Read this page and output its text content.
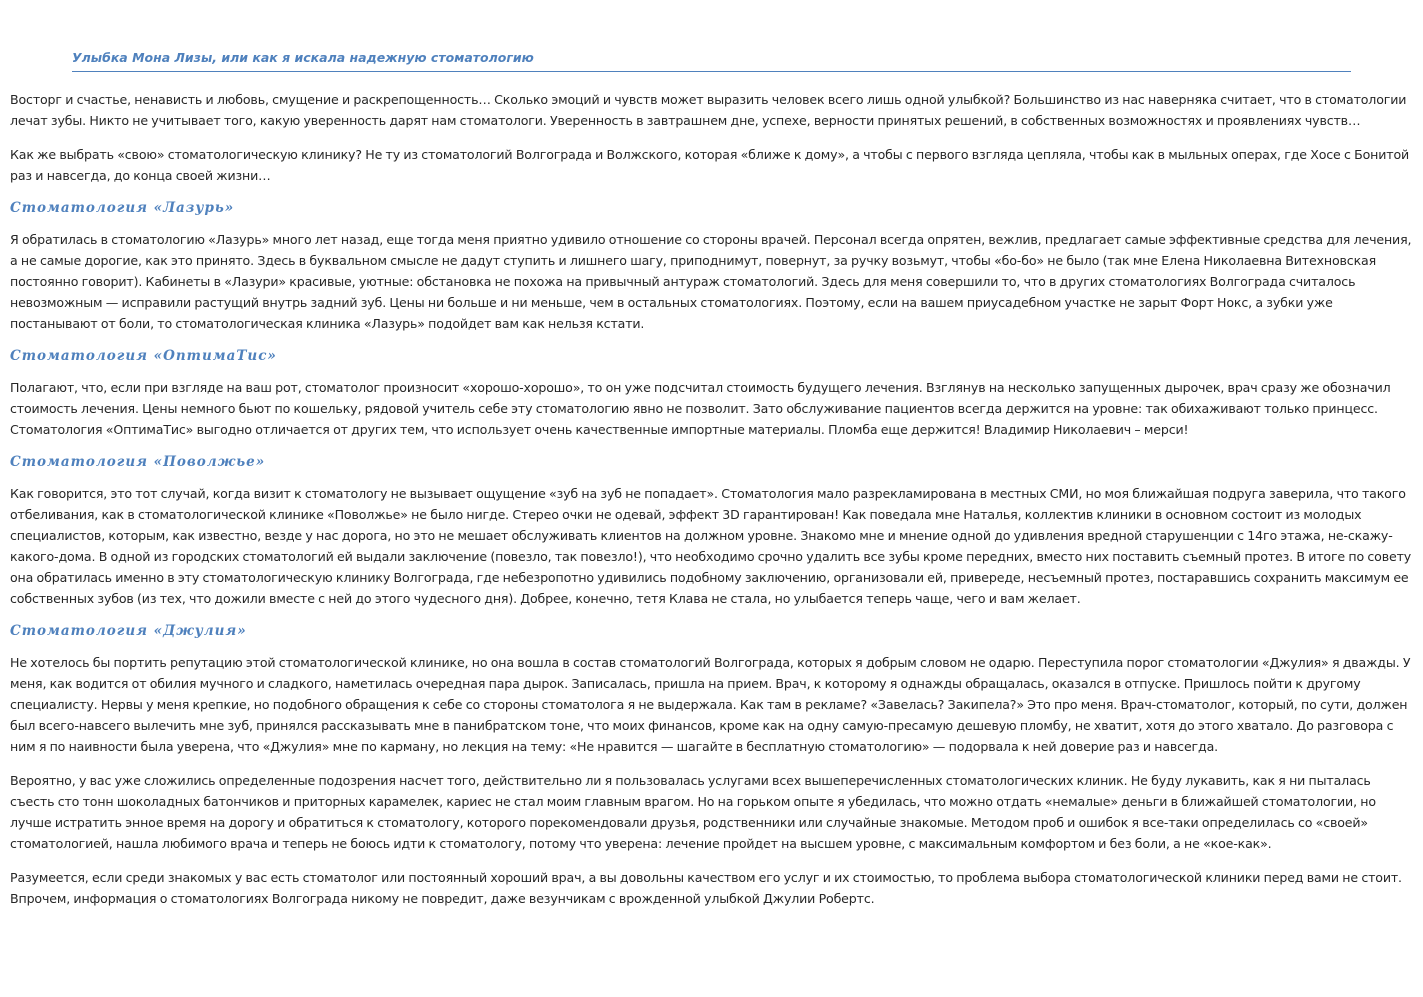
Улыбка Мона Лизы, или как я искала надежную стоматологию

Восторг и счастье, ненависть и любовь, смущение и раскрепощенность… Сколько эмоций и чувств может выразить человек всего лишь одной улыбкой? Большинство из нас наверняка считает, что в стоматологии лечат зубы. Никто не учитывает того, какую уверенность дарят нам стоматологи. Уверенность в завтрашнем дне, успехе, верности принятых решений, в собственных возможностях и проявлениях чувств…

Как же выбрать «свою» стоматологическую клинику? Не ту из стоматологий Волгограда и Волжского, которая «ближе к дому», а чтобы с первого взгляда цепляла, чтобы как в мыльных операх, где Хосе с Бонитой раз и навсегда, до конца своей жизни…

Стоматология «Лазурь»

Я обратилась в стоматологию «Лазурь» много лет назад, еще тогда меня приятно удивило отношение со стороны врачей. Персонал всегда опрятен, вежлив, предлагает самые эффективные средства для лечения, а не самые дорогие, как это принято. Здесь в буквальном смысле не дадут ступить и лишнего шагу, приподнимут, повернут, за ручку возьмут, чтобы «бо-бо» не было (так мне Елена Николаевна Витехновская постоянно говорит). Кабинеты в «Лазури» красивые, уютные: обстановка не похожа на привычный антураж стоматологий. Здесь для меня совершили то, что в других стоматологиях Волгограда считалось невозможным — исправили растущий внутрь задний зуб. Цены ни больше и ни меньше, чем в остальных стоматологиях. Поэтому, если на вашем приусадебном участке не зарыт Форт Нокс, а зубки уже постанывают от боли, то стоматологическая клиника «Лазурь» подойдет вам как нельзя кстати.

Стоматология «ОптимаТис»

Полагают, что, если при взгляде на ваш рот, стоматолог произносит «хорошо-хорошо», то он уже подсчитал стоимость будущего лечения. Взглянув на несколько запущенных дырочек, врач сразу же обозначил стоимость лечения. Цены немного бьют по кошельку, рядовой учитель себе эту стоматологию явно не позволит. Зато обслуживание пациентов всегда держится на уровне: так обихаживают только принцесс. Стоматология «ОптимаТис» выгодно отличается от других тем, что использует очень качественные импортные материалы. Пломба еще держится! Владимир Николаевич – мерси!

Стоматология «Поволжье»

Как говорится, это тот случай, когда визит к стоматологу не вызывает ощущение «зуб на зуб не попадает». Стоматология мало разрекламирована в местных СМИ, но моя ближайшая подруга заверила, что такого отбеливания, как в стоматологической клинике «Поволжье» не было нигде. Стерео очки не одевай, эффект 3D гарантирован! Как поведала мне Наталья, коллектив клиники в основном состоит из молодых специалистов, которым, как известно, везде у нас дорога, но это не мешает обслуживать клиентов на должном уровне. Знакомо мне и мнение одной до удивления вредной старушенции с 14го этажа, не-скажу-какого-дома. В одной из городских стоматологий ей выдали заключение (повезло, так повезло!), что необходимо срочно удалить все зубы кроме передних, вместо них поставить съемный протез. В итоге по совету она обратилась именно в эту стоматологическую клинику Волгограда, где небезропотно удивились подобному заключению, организовали ей, привереде, несъемный протез, постаравшись сохранить максимум ее собственных зубов (из тех, что дожили вместе с ней до этого чудесного дня). Добрее, конечно, тетя Клава не стала, но улыбается теперь чаще, чего и вам желает.

Стоматология «Джулия»

Не хотелось бы портить репутацию этой стоматологической клинике, но она вошла в состав стоматологий Волгограда, которых я добрым словом не одарю. Переступила порог стоматологии «Джулия» я дважды. У меня, как водится от обилия мучного и сладкого, наметилась очередная пара дырок. Записалась, пришла на прием. Врач, к которому я однажды обращалась, оказался в отпуске. Пришлось пойти к другому специалисту. Нервы у меня крепкие, но подобного обращения к себе со стороны стоматолога я не выдержала. Как там в рекламе? «Завелась? Закипела?» Это про меня. Врач-стоматолог, который, по сути, должен был всего-навсего вылечить мне зуб, принялся рассказывать мне в панибратском тоне, что моих финансов, кроме как на одну самую-пресамую дешевую пломбу, не хватит, хотя до этого хватало. До разговора с ним я по наивности была уверена, что «Джулия» мне по карману, но лекция на тему: «Не нравится — шагайте в бесплатную стоматологию» — подорвала к ней доверие раз и навсегда.

Вероятно, у вас уже сложились определенные подозрения насчет того, действительно ли я пользовалась услугами всех вышеперечисленных стоматологических клиник. Не буду лукавить, как я ни пыталась съесть сто тонн шоколадных батончиков и приторных карамелек, кариес не стал моим главным врагом. Но на горьком опыте я убедилась, что можно отдать «немалые» деньги в ближайшей стоматологии, но лучше истратить энное время на дорогу и обратиться к стоматологу, которого порекомендовали друзья, родственники или случайные знакомые. Методом проб и ошибок я все-таки определилась со «своей» стоматологией, нашла любимого врача и теперь не боюсь идти к стоматологу, потому что уверена: лечение пройдет на высшем уровне, с максимальным комфортом и без боли, а не «кое-как».

Разумеется, если среди знакомых у вас есть стоматолог или постоянный хороший врач, а вы довольны качеством его услуг и их стоимостью, то проблема выбора стоматологической клиники перед вами не стоит. Впрочем, информация о стоматологиях Волгограда никому не повредит, даже везунчикам с врожденной улыбкой Джулии Робертс.
